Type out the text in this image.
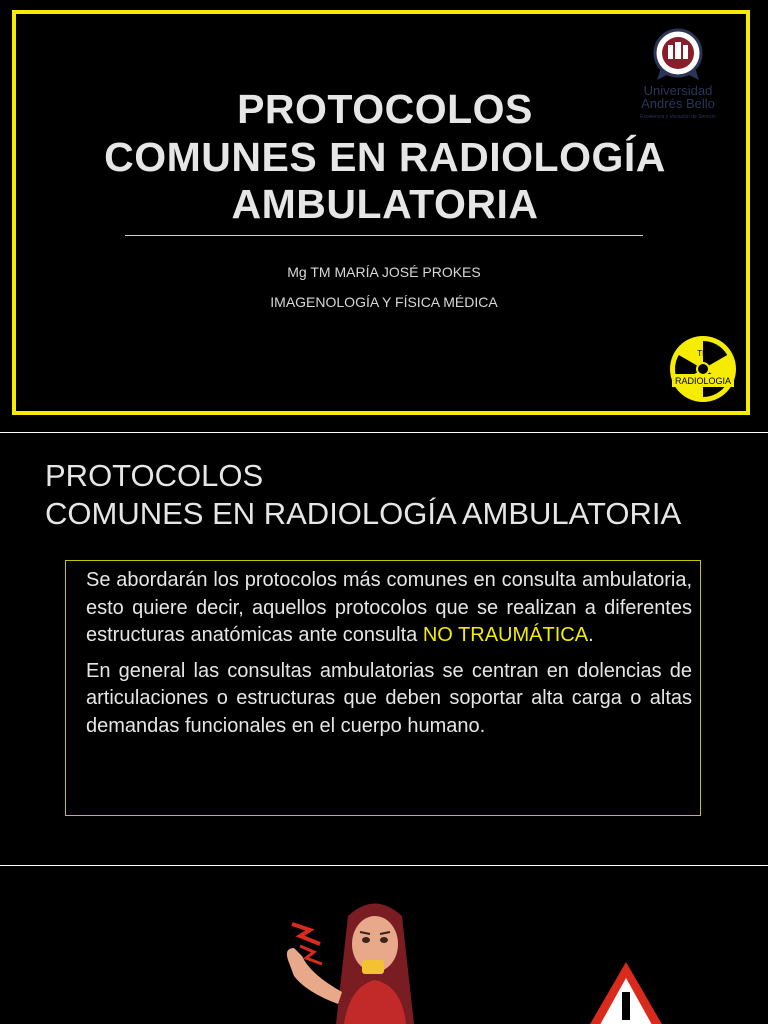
PROTOCOLOS
COMUNES EN RADIOLOGÍA
AMBULATORIA
Mg TM MARÍA JOSÉ PROKES
IMAGENOLOGÍA Y FÍSICA MÉDICA
Universidad
Andrés Bello
Excelencia y Vocación de Servicio
TM
RADIOLOGIA
PROTOCOLOS
COMUNES EN RADIOLOGÍA AMBULATORIA

Se abordarán los protocolos más comunes en consulta ambulatoria, esto quiere decir, aquellos protocolos que se realizan a diferentes estructuras anatómicas ante consulta NO TRAUMÁTICA.

En general las consultas ambulatorias se centran en dolencias de articulaciones o estructuras que deben soportar alta carga o altas demandas funcionales en el cuerpo humano.
